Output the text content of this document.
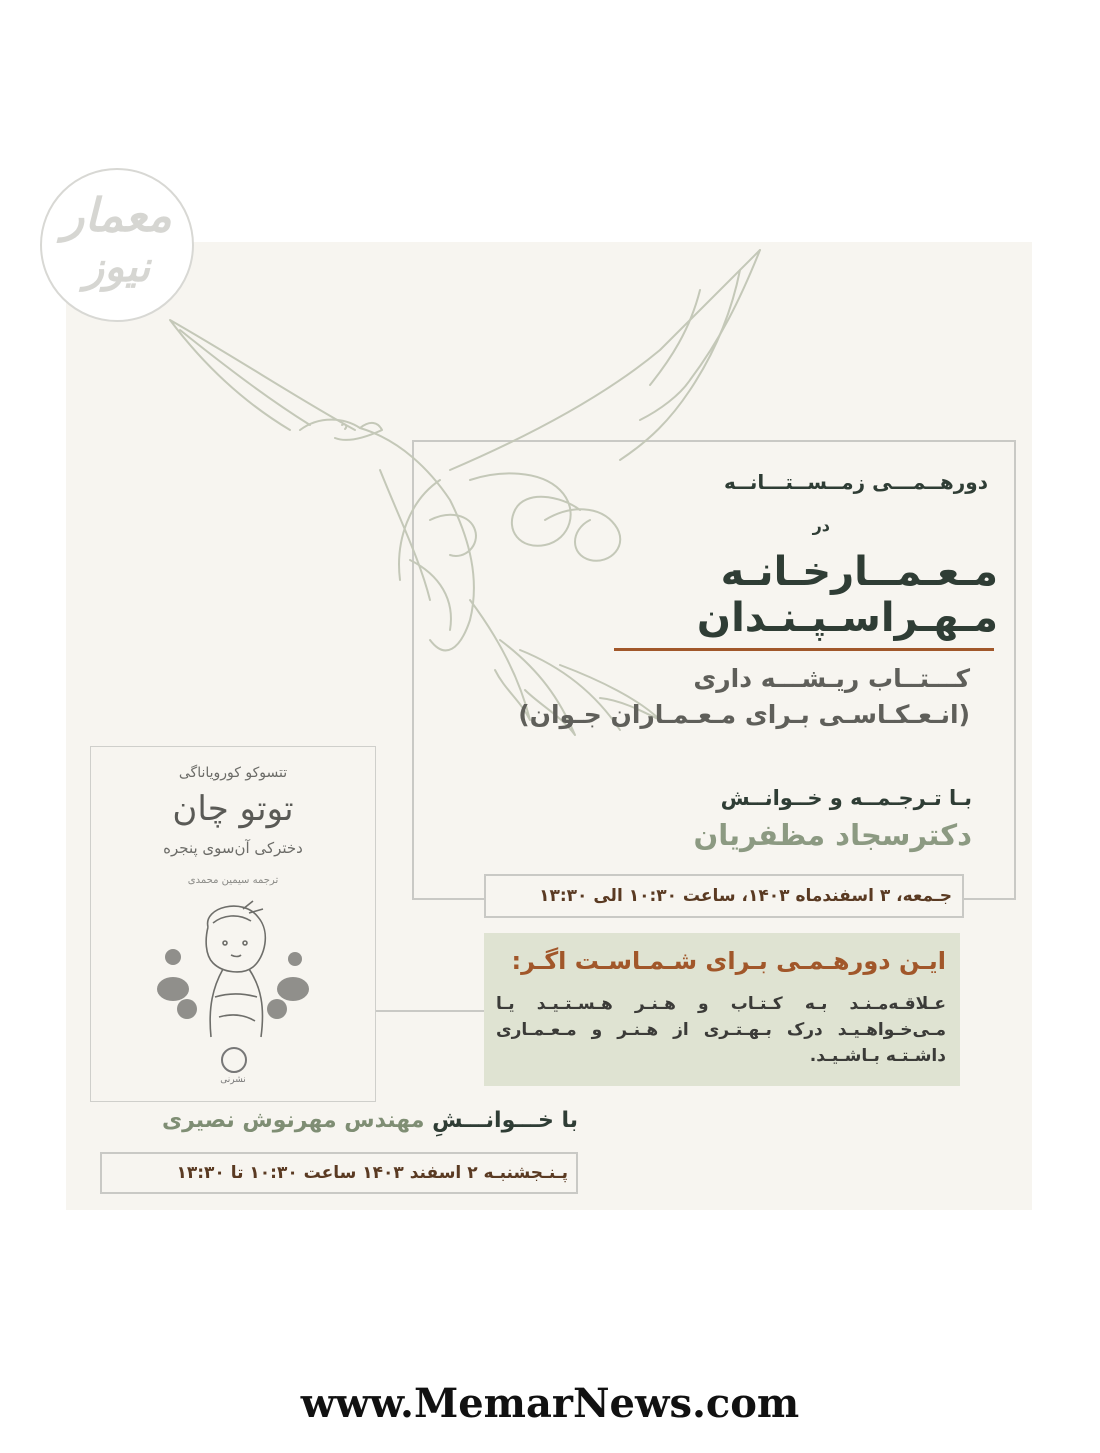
معمار
نیوز
دورهــمـــی زمــســتـــانــه
در
مـعـمــارخـانـه
مـهـراسـپـنـدان
کـــتــاب ریـشـــه داری
(انـعـکـاسـی بـرای مـعـمـاران جـوان)
بـا تـرجـمــه و خــوانــش
دکترسجاد مظفریان
جـمعه، ۳ اسفندماه ۱۴۰۳، ساعت ۱۰:۳۰ الی ۱۳:۳۰
ایـن دورهـمـی بـرای شـمـاسـت اگـر:
عـلاقـه‌مـنـد بـه کـتـاب و هـنـر هـسـتـیـد یـا مـی‌خـواهـیـد درک بـهـتـری از هـنـر و مـعـمـاری داشـتـه بـاشـیـد.
تتسوکو کوروياناگی
توتو چان
دخترکی آن‌سوی پنجره
ترجمه سیمین محمدی
نشرنی
با خـــوانـــشِ مهندس مهرنوش نصیری
پـنـجشنبـه ۲ اسفند ۱۴۰۳ ساعت ۱۰:۳۰ تا ۱۳:۳۰
www.MemarNews.com
